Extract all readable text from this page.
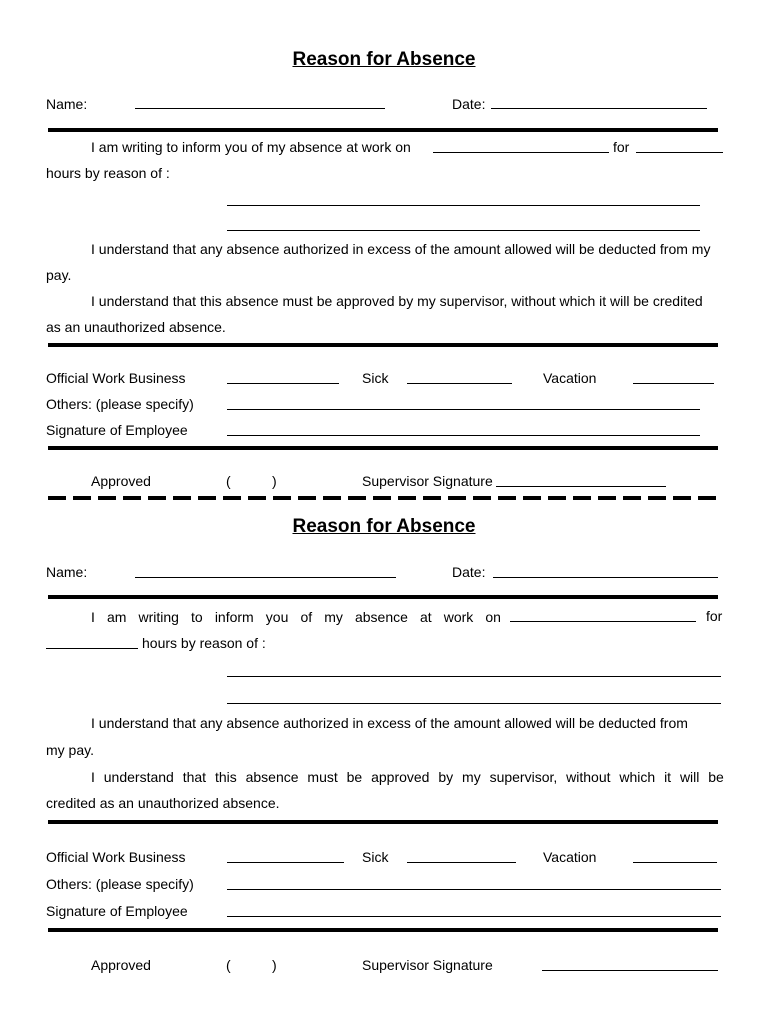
Reason for Absence
Name:	Date:
I am writing to inform you of my absence at work on	for
hours by reason of :
I understand that any absence authorized in excess of the amount allowed will be deducted from my
pay.
I understand that this absence must be approved by my supervisor, without which it will be credited
as an unauthorized absence.
Official Work Business	Sick	Vacation
Others: (please specify)
Signature of Employee
Approved	(	)	Supervisor Signature
Reason for Absence
Name:	Date:
I am writing to inform you of my absence at work on	for
hours by reason of :
I understand that any absence authorized in excess of the amount allowed will be deducted from
my pay.
I understand that this absence must be approved by my supervisor, without which it will be
credited as an unauthorized absence.
Official Work Business	Sick	Vacation
Others: (please specify)
Signature of Employee
Approved	(	)	Supervisor Signature
